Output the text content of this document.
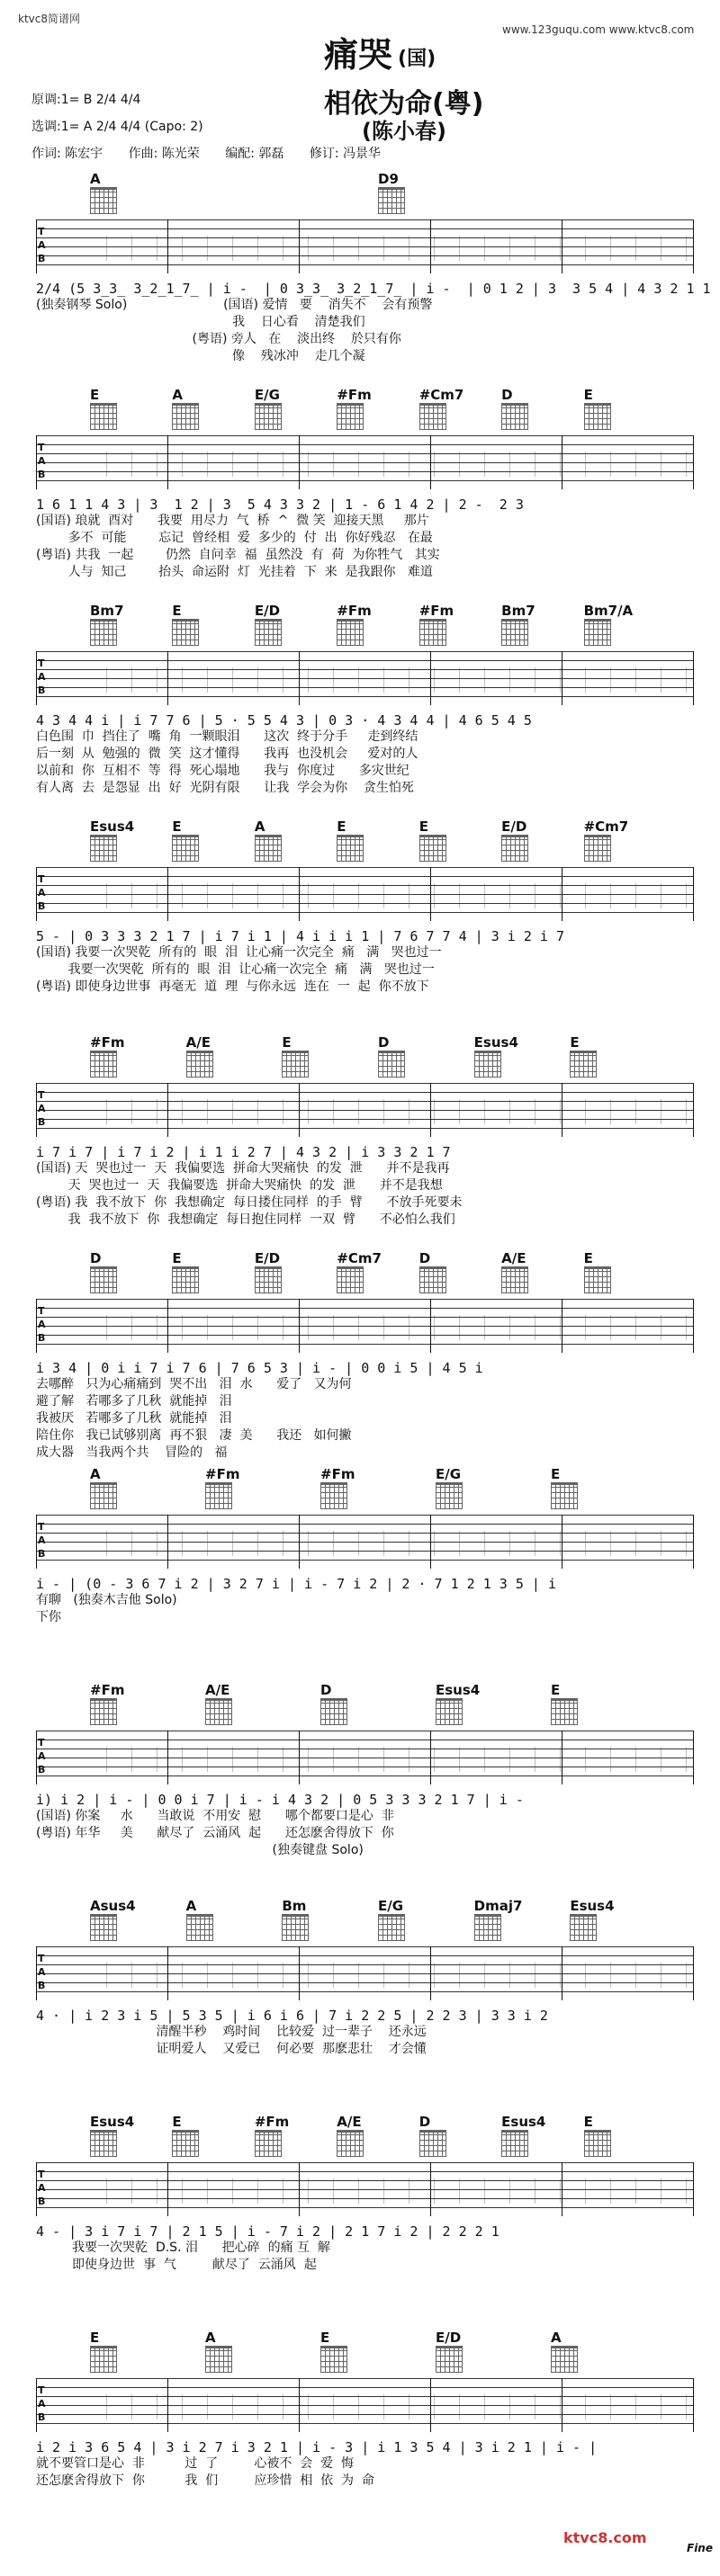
ktvc8简谱网
www.123guqu.com www.ktvc8.com
痛哭 (国)
相依为命(粤)
(陈小春)
原调:1= B 2/4 4/4
选调:1= A 2/4 4/4 (Capo: 2)
作词: 陈宏宇 作曲: 陈光荣 编配: 郭磊 修订: 冯景华
A	D9
T
A
B
2/4 (5 3̲3̲ 3̲2̲1̲7̲ | i -  | 0 3̲3̲ 3̲2̲1̲7̲ | i -  | 0 1 2 | 3  3 5 4 | 4 3 2 1 1
(独奏钢琴 Solo)                        (国语) 爱情   要    消失不    会有预警
我    日心看    清楚我们
(粤语) 旁人   在    淡出终    於只有你
像    残冰冲    走几个凝
E	A	E/G	#Fm	#Cm7	D	E
T
A
B
1 6 1 1 4 3 | 3  1 2 | 3  5 4 3 3 2 | 1 - 6 1 4 2 | 2 -  2 3
(国语) 琅就  酉对      我要  用尽力  气  桥  ^  微 笑  迎接天黑     那片
多不  可能        忘记  曾经相  爱  多少的  付  出  你好残忍   在最
(粤语) 共我  一起        仍然  自问幸  福  虽然没  有  荷  为你牲气   其实
人与  知己        抬头  命运附  灯  光挂着  下  来  是我跟你   难道
Bm7	E	E/D	#Fm	#Fm	Bm7	Bm7/A
T
A
B
4 3 4 4 i | i 7 7 6 | 5 · 5 5 4 3 | 0 3 · 4 3 4 4 | 4 6 5 4 5
白色围  巾  挡住了  嘴  角  一颗眼泪      这次  终于分手     走到终结
后一刻  从  勉强的  微  笑  这才懂得      我再  也没机会     爱对的人
以前和  你  互相不  等  得  死心塌地      我与  你度过      多灾世纪
有人离  去  是怨显  出  好  光阴有限      让我  学会为你    贪生怕死
Esus4	E	A	E	E	E/D	#Cm7
T
A
B
5 - | 0 3 3 3 2 1 7 | i 7 i 1 | 4 i i i 1 | 7 6 7 7 4 | 3 i 2 i 7
(国语) 我要一次哭乾  所有的  眼  泪  让心痛一次完全  痛   满   哭也过一
我要一次哭乾  所有的  眼  泪  让心痛一次完全  痛   满   哭也过一
(粤语) 即使身边世事  再毫无  道  理  与你永远  连在  一  起  你不放下
#Fm	A/E	E	D	Esus4	E
T
A
B
i 7 i 7 | i 7 i 2 | i 1 i 2 7 | 4 3 2 | i 3 3 2 1 7
(国语) 天  哭也过一  天  我偏要选  拼命大哭痛快  的发  泄      并不是我再
天  哭也过一  天  我偏要选  拼命大哭痛快  的发  泄      并不是我想
(粤语) 我  我不放下  你  我想确定  每日搂住同样  的手  臂      不放手死要未
我  我不放下  你  我想确定  每日抱住同样  一双  臂      不必怕么我们
D	E	E/D	#Cm7	D	A/E	E
T
A
B
i 3 4 | 0 i i 7 i 7 6 | 7 6 5 3 | i - | 0 0 i 5 | 4 5 i
去哪醉   只为心痛痛到  哭不出   泪  水      爱了   又为何
避了解   若哪多了几秋  就能掉   泪
我被厌   若哪多了几秋  就能掉   泪
陪住你   我已试够别离  再不狠   凄  美      我还   如何撇
成大器   当我两个共    冒险的   福
A	#Fm	#Fm	E/G	E
T
A
B
i - | (0 - 3 6 7 i 2 | 3 2 7 i | i - 7 i 2 | 2 · 7 1 2 1 3 5 | i
有聊   (独奏木吉他 Solo)
下你
#Fm	A/E	D	Esus4	E
T
A
B
i) i 2 | i - | 0 0 i 7 | i - i 4 3 2 | 0 5 3 3 3 2 1 7 | i -
(国语) 你案     水      当敢说  不用安  慰      哪个都要口是心  非
(粤语) 年华     美      献尽了  云涌风  起      还怎麽舍得放下  你
(独奏键盘 Solo)
Asus4	A	Bm	E/G	Dmaj7	Esus4
T
A
B
4 · | i 2 3 i 5 | 5 3 5 | i 6 i 6 | 7 i 2 2 5 | 2 2 3 | 3 3 i 2
清醒半秒    鸡时间    比较爱  过一辈子    还永远
证明爱人    又爱已    何必要  那麽悲壮    才会懂
Esus4	E	#Fm	A/E	D	Esus4	E
T
A
B
4 - | 3 i 7 i 7 | 2 1 5 | i - 7 i 2 | 2 1 7 i 2 | 2 2 2 1
我要一次哭乾  D.S. 泪      把心碎  的痛 互  解
即使身边世  事  气         献尽了  云涌风  起
E	A	E	E/D	A
T
A
B
i 2 i 3 6 5 4 | 3 i 2 7 i 3 2 1 | i - 3 | i 1 3 5 4 | 3 i 2 1 | i - |
就不要管口是心  非          过  了         心被不  会  爱  悔
还怎麽舍得放下  你          我  们         应珍惜  相  依  为  命
ktvc8.com
Fine
